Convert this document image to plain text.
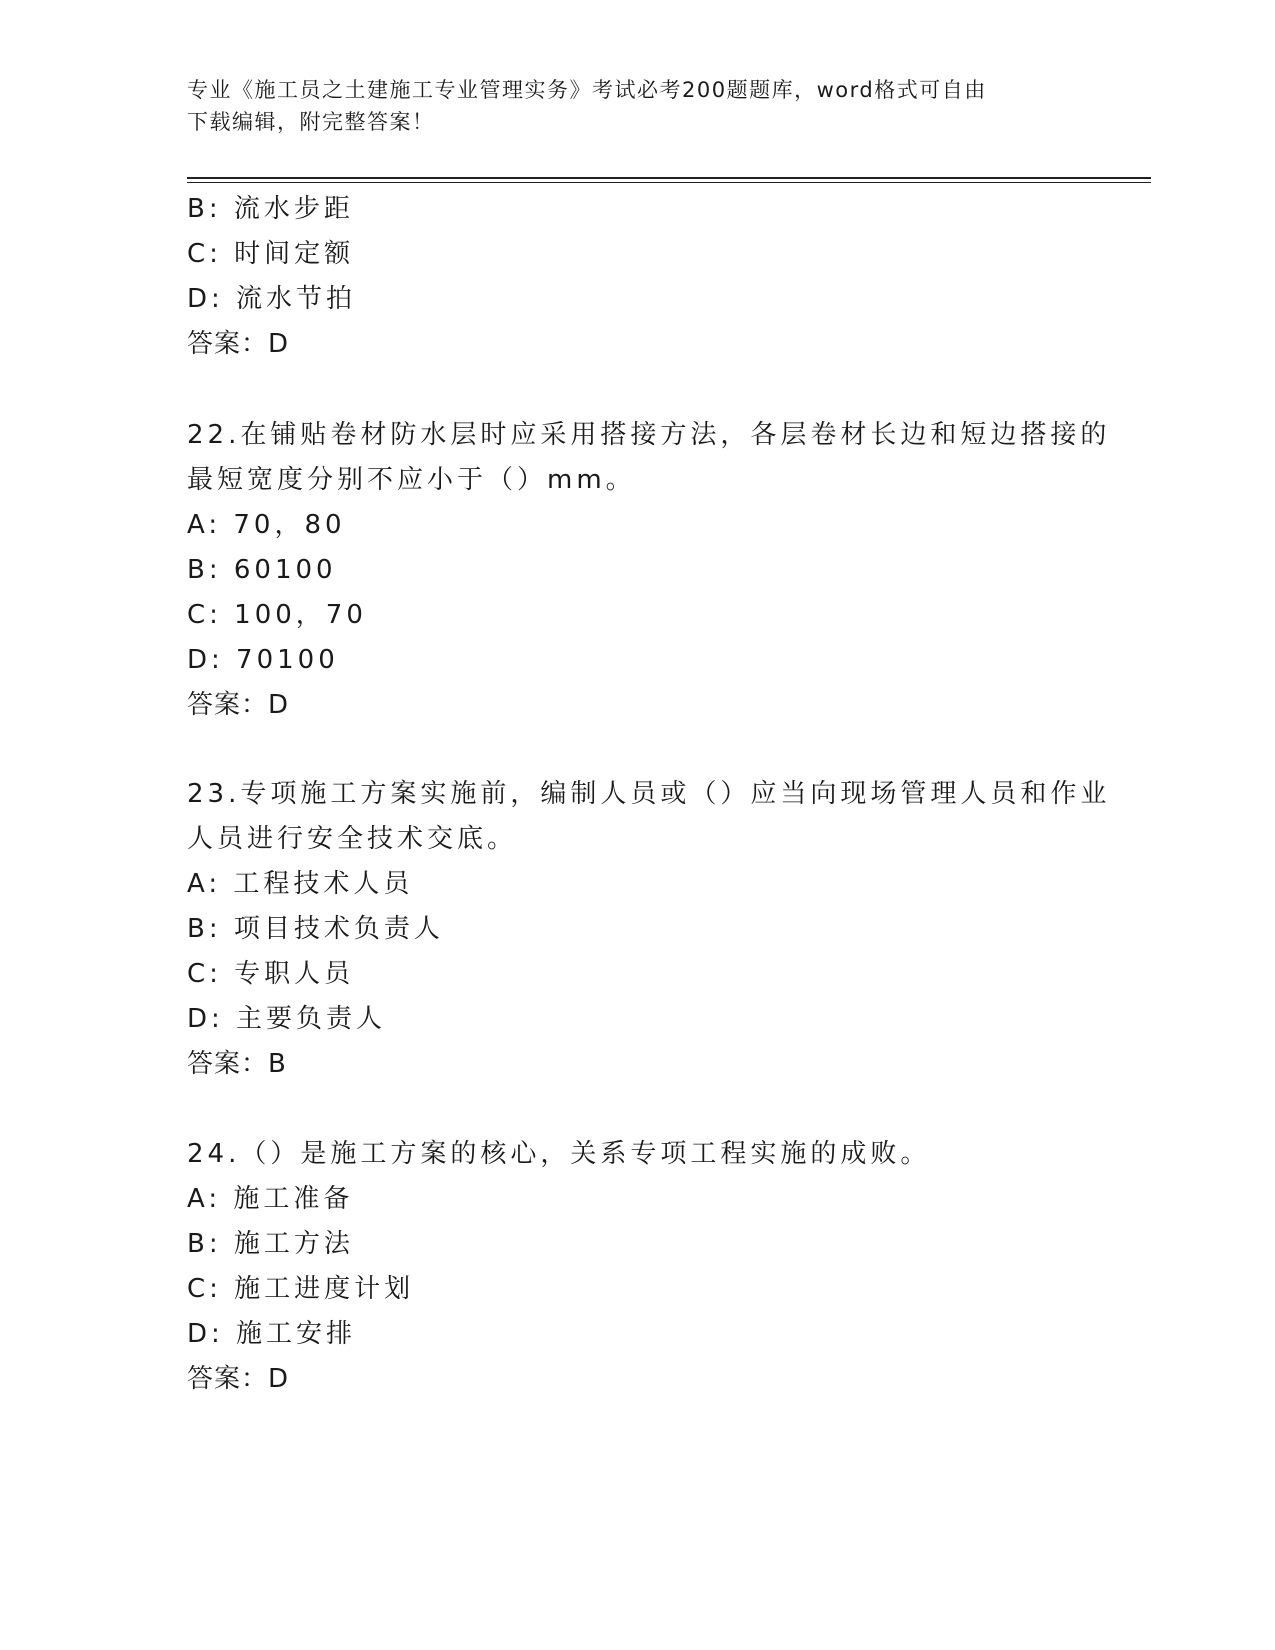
专业《施工员之土建施工专业管理实务》考试必考200题题库，word格式可自由
下载编辑，附完整答案！
B: 流水步距
C: 时间定额
D: 流水节拍
答案：D
22.在铺贴卷材防水层时应采用搭接方法，各层卷材长边和短边搭接的
最短宽度分别不应小于（）mm。
A: 70，80
B: 60100
C: 100，70
D: 70100
答案：D
23.专项施工方案实施前，编制人员或（）应当向现场管理人员和作业
人员进行安全技术交底。
A: 工程技术人员
B: 项目技术负责人
C: 专职人员
D: 主要负责人
答案：B
24.（）是施工方案的核心，关系专项工程实施的成败。
A: 施工准备
B: 施工方法
C: 施工进度计划
D: 施工安排
答案：D
